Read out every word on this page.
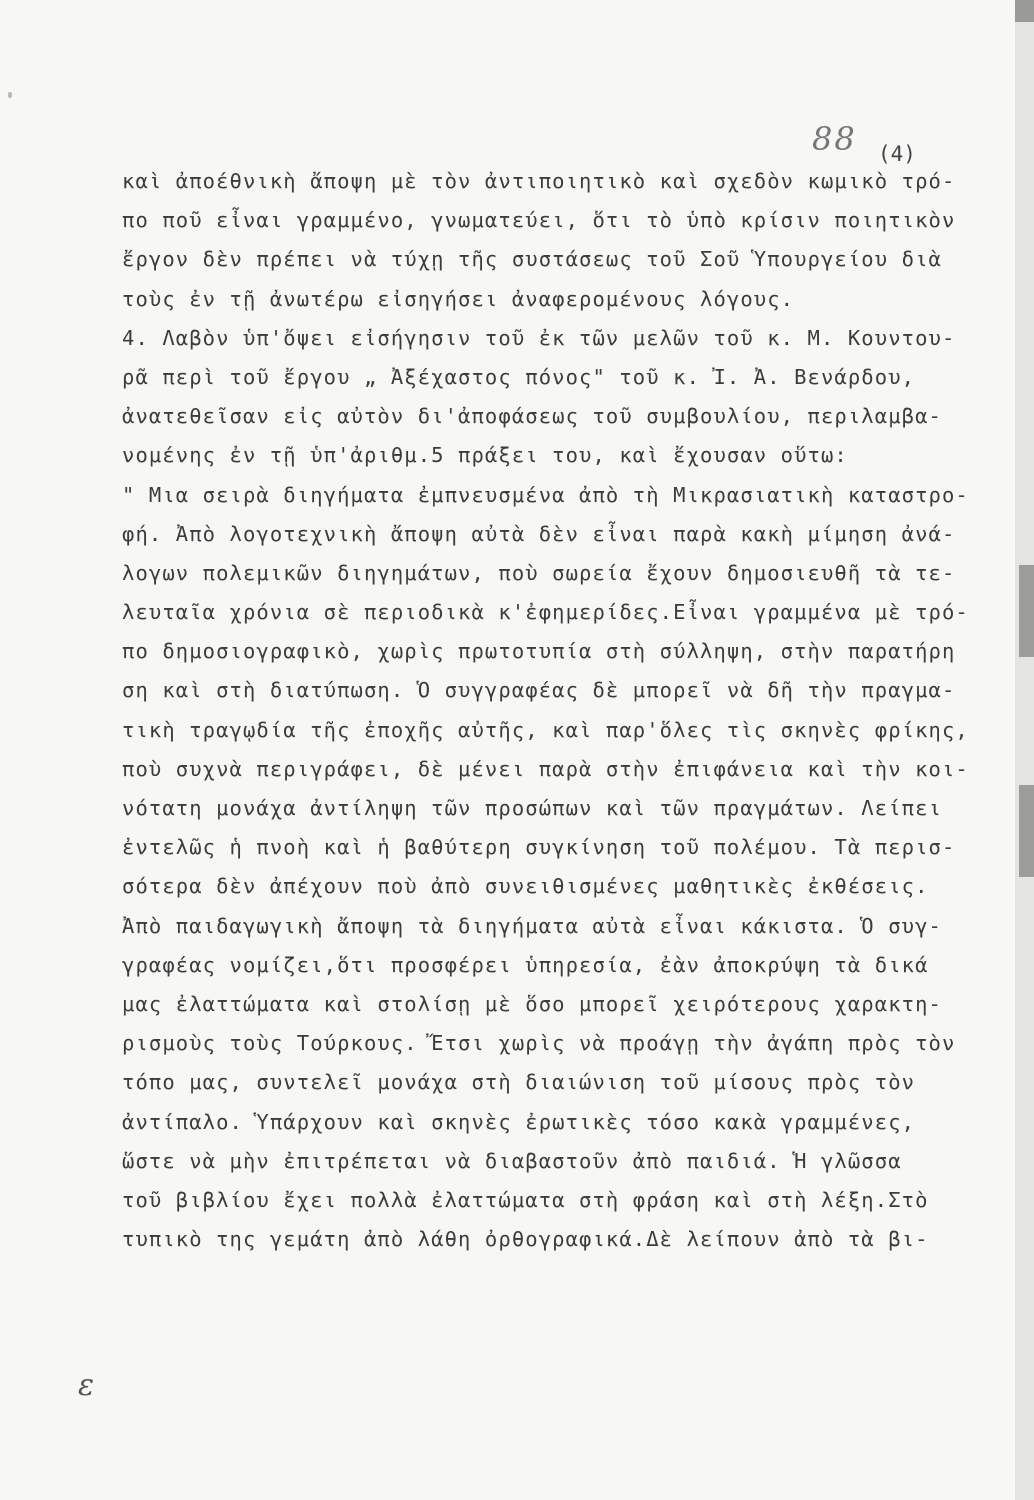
88 (4)
καὶ ἀποέθνικὴ ἄποψη μὲ τὸν ἀντιποιητικὸ καὶ σχεδὸν κωμικὸ τρό-
πο ποῦ εἶναι γραμμένο, γνωματεύει, ὅτι τὸ ὑπὸ κρίσιν ποιητικὸν
ἔργον δὲν πρέπει νὰ τύχῃ τῆς συστάσεως τοῦ Σοῦ Ὑπουργείου διὰ
τοὺς ἐν τῇ ἀνωτέρω εἰσηγήσει ἀναφερομένους λόγους.
4. Λαβὸν ὑπ'ὄψει εἰσήγησιν τοῦ ἐκ τῶν μελῶν τοῦ κ. Μ. Κουντου-
ρᾶ περὶ τοῦ ἔργου „ Ἀξέχαστος πόνος" τοῦ κ. Ἰ. Ἀ. Βενάρδου,
ἀνατεθεῖσαν εἰς αὐτὸν δι'ἀποφάσεως τοῦ συμβουλίου, περιλαμβα-
νομένης ἐν τῇ ὑπ'ἀριθμ.5 πράξει του, καὶ ἔχουσαν οὕτω:
" Μια σειρὰ διηγήματα ἐμπνευσμένα ἀπὸ τὴ Μικρασιατικὴ καταστρο-
φή. Ἀπὸ λογοτεχνικὴ ἄποψη αὐτὰ δὲν εἶναι παρὰ κακὴ μίμηση ἀνά-
λογων πολεμικῶν διηγημάτων, ποὺ σωρεία ἔχουν δημοσιευθῆ τὰ τε-
λευταῖα χρόνια σὲ περιοδικὰ κ'ἐφημερίδες.Εἶναι γραμμένα μὲ τρό-
πο δημοσιογραφικὸ, χωρὶς πρωτοτυπία στὴ σύλληψη, στὴν παρατήρη
ση καὶ στὴ διατύπωση. Ὁ συγγραφέας δὲ μπορεῖ νὰ δῆ τὴν πραγμα-
τικὴ τραγῳδία τῆς ἐποχῆς αὐτῆς, καὶ παρ'ὅλες τὶς σκηνὲς φρίκης,
ποὺ συχνὰ περιγράφει, δὲ μένει παρὰ στὴν ἐπιφάνεια καὶ τὴν κοι-
νότατη μονάχα ἀντίληψη τῶν προσώπων καὶ τῶν πραγμάτων. Λείπει
ἐντελῶς ἡ πνοὴ καὶ ἡ βαθύτερη συγκίνηση τοῦ πολέμου. Τὰ περισ-
σότερα δὲν ἀπέχουν ποὺ ἀπὸ συνειθισμένες μαθητικὲς ἐκθέσεις.
Ἀπὸ παιδαγωγικὴ ἄποψη τὰ διηγήματα αὐτὰ εἶναι κάκιστα. Ὁ συγ-
γραφέας νομίζει,ὅτι προσφέρει ὑπηρεσία, ἐὰν ἀποκρύψη τὰ δικά
μας ἐλαττώματα καὶ στολίσῃ μὲ ὅσο μπορεῖ χειρότερους χαρακτη-
ρισμοὺς τοὺς Τούρκους. Ἔτσι χωρὶς νὰ προάγῃ τὴν ἀγάπη πρὸς τὸν
τόπο μας, συντελεῖ μονάχα στὴ διαιώνιση τοῦ μίσους πρὸς τὸν
ἀντίπαλο. Ὑπάρχουν καὶ σκηνὲς ἐρωτικὲς τόσο κακὰ γραμμένες,
ὥστε νὰ μὴν ἐπιτρέπεται νὰ διαβαστοῦν ἀπὸ παιδιά. Ἡ γλῶσσα
τοῦ βιβλίου ἔχει πολλὰ ἐλαττώματα στὴ φράση καὶ στὴ λέξη.Στὸ
τυπικὸ της γεμάτη ἀπὸ λάθη ὀρθογραφικά.Δὲ λείπουν ἀπὸ τὰ βι-
ε
